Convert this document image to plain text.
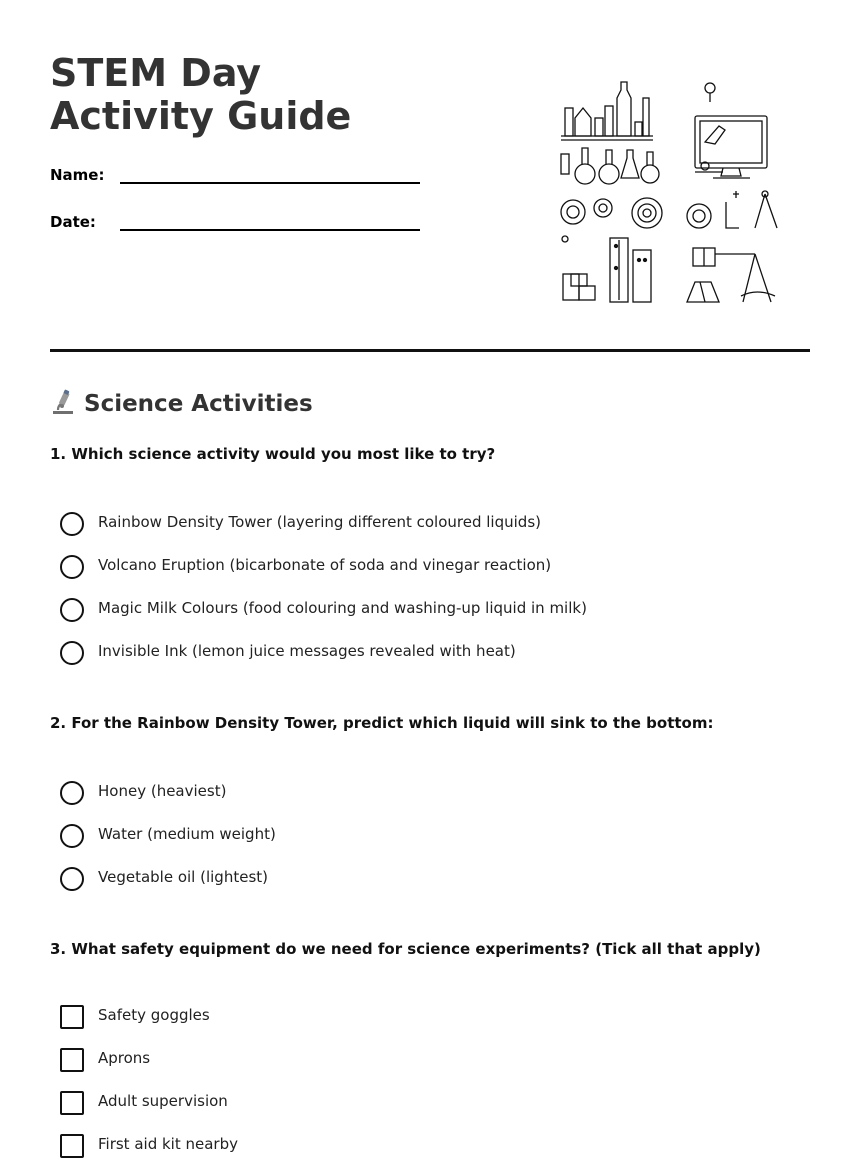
STEM Day Activity Guide
Name:
Date:
Science Activities
1. Which science activity would you most like to try?
Rainbow Density Tower (layering different coloured liquids)
Volcano Eruption (bicarbonate of soda and vinegar reaction)
Magic Milk Colours (food colouring and washing-up liquid in milk)
Invisible Ink (lemon juice messages revealed with heat)
2. For the Rainbow Density Tower, predict which liquid will sink to the bottom:
Honey (heaviest)
Water (medium weight)
Vegetable oil (lightest)
3. What safety equipment do we need for science experiments? (Tick all that apply)
Safety goggles
Aprons
Adult supervision
First aid kit nearby
